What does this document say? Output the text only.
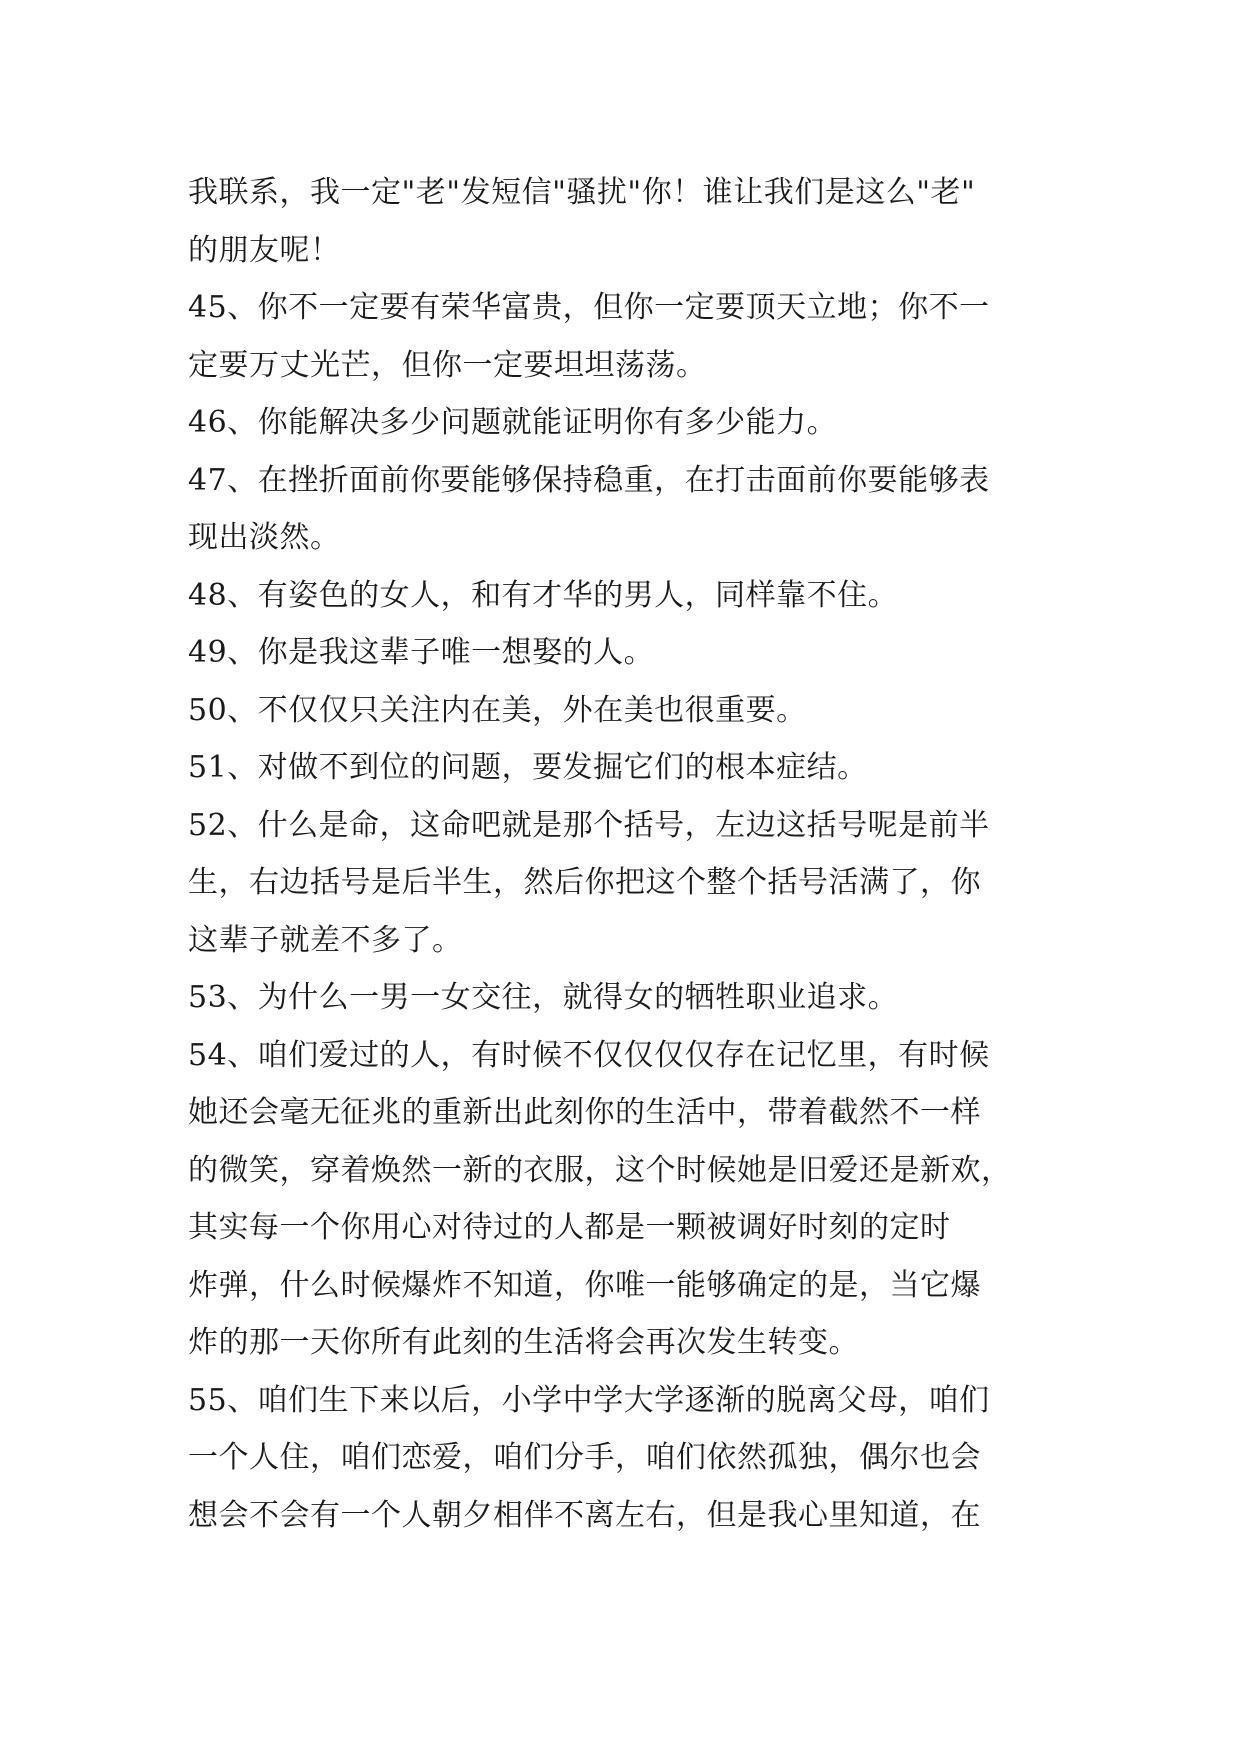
我联系，我一定"老"发短信"骚扰"你！谁让我们是这么"老"
的朋友呢！
45、你不一定要有荣华富贵，但你一定要顶天立地；你不一
定要万丈光芒，但你一定要坦坦荡荡。
46、你能解决多少问题就能证明你有多少能力。
47、在挫折面前你要能够保持稳重，在打击面前你要能够表
现出淡然。
48、有姿色的女人，和有才华的男人，同样靠不住。
49、你是我这辈子唯一想娶的人。
50、不仅仅只关注内在美，外在美也很重要。
51、对做不到位的问题，要发掘它们的根本症结。
52、什么是命，这命吧就是那个括号，左边这括号呢是前半
生，右边括号是后半生，然后你把这个整个括号活满了，你
这辈子就差不多了。
53、为什么一男一女交往，就得女的牺牲职业追求。
54、咱们爱过的人，有时候不仅仅仅仅存在记忆里，有时候
她还会毫无征兆的重新出此刻你的生活中，带着截然不一样
的微笑，穿着焕然一新的衣服，这个时候她是旧爱还是新欢，
其实每一个你用心对待过的人都是一颗被调好时刻的定时
炸弹，什么时候爆炸不知道，你唯一能够确定的是，当它爆
炸的那一天你所有此刻的生活将会再次发生转变。
55、咱们生下来以后，小学中学大学逐渐的脱离父母，咱们
一个人住，咱们恋爱，咱们分手，咱们依然孤独，偶尔也会
想会不会有一个人朝夕相伴不离左右，但是我心里知道，在
